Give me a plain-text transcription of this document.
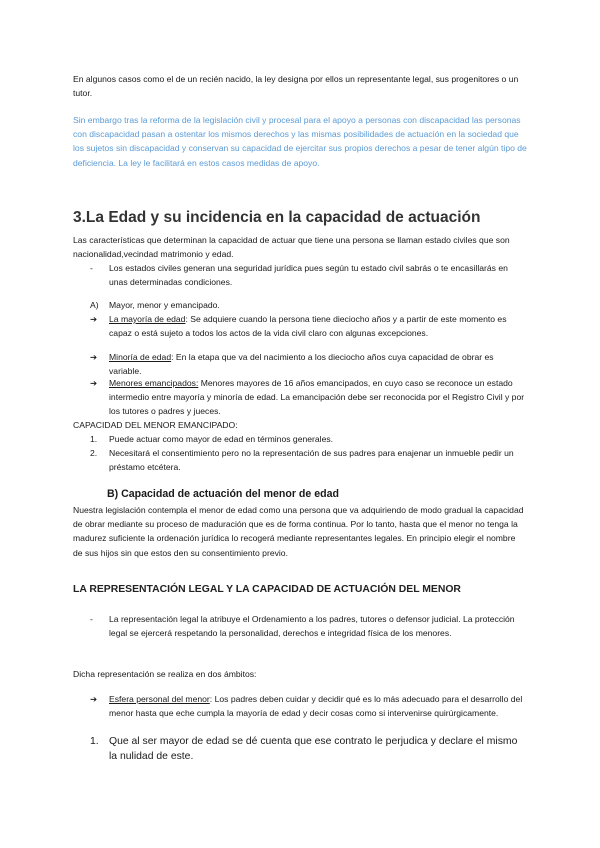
En algunos casos como el de un recién nacido, la ley designa por ellos un representante legal, sus progenitores o un tutor.

Sin embargo tras la reforma de la legislación civil y procesal para el apoyo a personas con discapacidad las personas con discapacidad pasan a ostentar los mismos derechos y las mismas posibilidades de actuación en la sociedad que los sujetos sin discapacidad y conservan su capacidad de ejercitar sus propios derechos a pesar de tener algún tipo de deficiencia. La ley le facilitará en estos casos medidas de apoyo.

3.La Edad y su incidencia en la capacidad de actuación

Las características que determinan la capacidad de actuar que tiene una persona se llaman estado civiles que son nacionalidad,vecindad matrimonio y edad.

-	Los estados civiles generan una seguridad jurídica pues según tu estado civil sabrás o te encasillarás en unas determinadas condiciones.
A)	Mayor, menor y emancipado.
➔	La mayoría de edad: Se adquiere cuando la persona tiene dieciocho años y a partir de este momento es capaz o está sujeto a todos los actos de la vida civil claro con algunas excepciones.
➔	Minoría de edad: En la etapa que va del nacimiento a los dieciocho años cuya capacidad de obrar es variable.
➔	Menores emancipados: Menores mayores de 16 años emancipados, en cuyo caso se reconoce un estado intermedio entre mayoría y minoría de edad. La emancipación debe ser reconocida por el Registro Civil y por los tutores o padres y jueces.

CAPACIDAD DEL MENOR EMANCIPADO:

1.	Puede actuar como mayor de edad en términos generales.
2.	Necesitará el consentimiento pero no la representación de sus padres para enajenar un inmueble pedir un préstamo etcétera.
B) Capacidad de actuación del menor de edad

Nuestra legislación contempla el menor de edad como una persona que va adquiriendo de modo gradual la capacidad de obrar mediante su proceso de maduración que es de forma continua. Por lo tanto, hasta que el menor no tenga la madurez suficiente la ordenación jurídica lo recogerá mediante representantes legales. En principio elegir el nombre de sus hijos sin que estos den su consentimiento previo.

LA REPRESENTACIÓN LEGAL Y LA CAPACIDAD DE ACTUACIÓN DEL MENOR
-	La representación legal la atribuye el Ordenamiento a los padres, tutores o defensor judicial. La protección legal se ejercerá respetando la personalidad, derechos e integridad física de los menores.

Dicha representación se realiza en dos ámbitos:

➔	Esfera personal del menor: Los padres deben cuidar y decidir qué es lo más adecuado para el desarrollo del menor hasta que eche cumpla la mayoría de edad y decir cosas como si intervenirse quirúrgicamente.
1. Que al ser mayor de edad se dé cuenta que ese contrato le perjudica y declare el mismo la nulidad de este.
